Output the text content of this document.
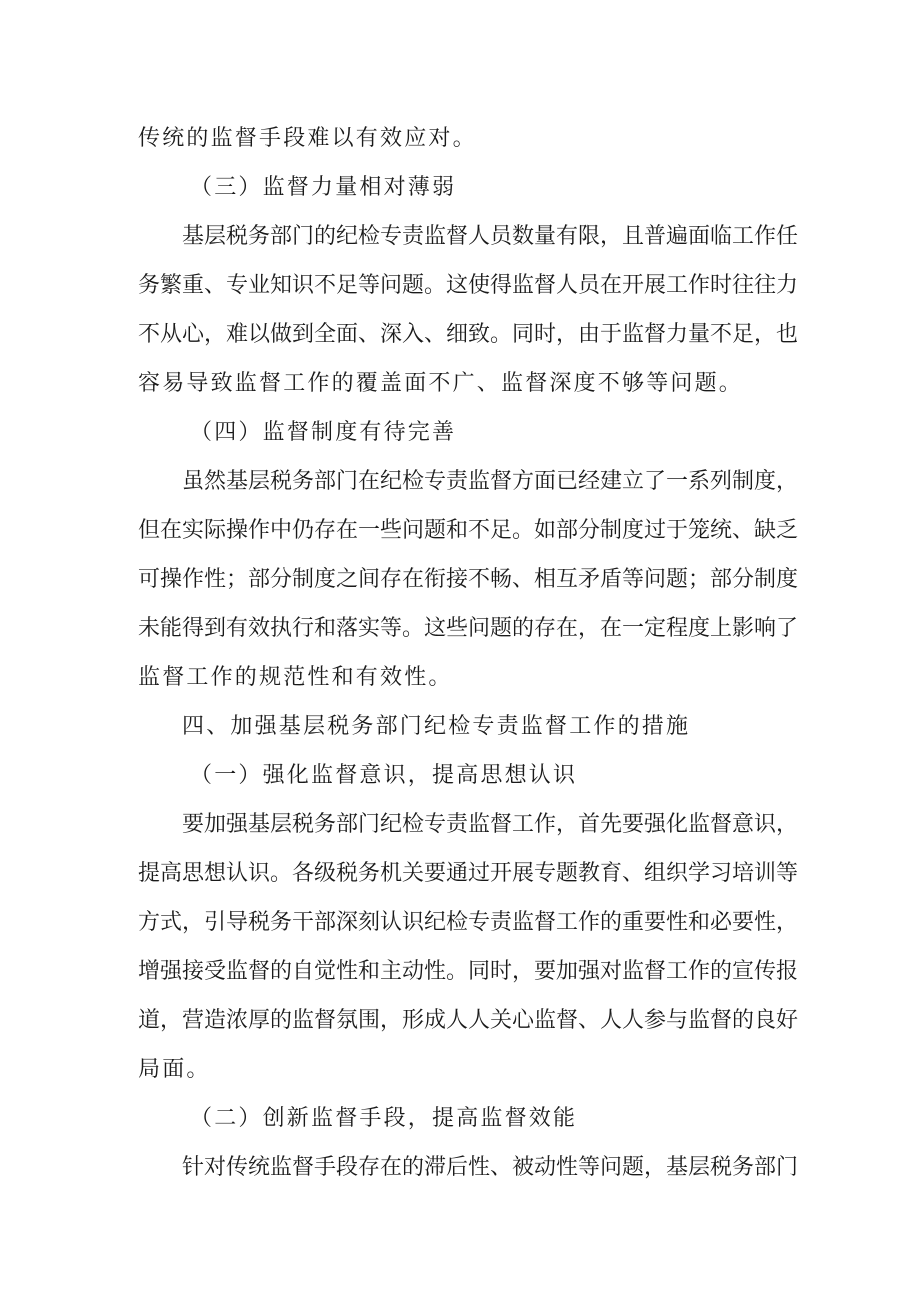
传统的监督手段难以有效应对。
（三）监督力量相对薄弱
基层税务部门的纪检专责监督人员数量有限，且普遍面临工作任
务繁重、专业知识不足等问题。这使得监督人员在开展工作时往往力
不从心，难以做到全面、深入、细致。同时，由于监督力量不足，也
容易导致监督工作的覆盖面不广、监督深度不够等问题。
（四）监督制度有待完善
虽然基层税务部门在纪检专责监督方面已经建立了一系列制度，
但在实际操作中仍存在一些问题和不足。如部分制度过于笼统、缺乏
可操作性；部分制度之间存在衔接不畅、相互矛盾等问题；部分制度
未能得到有效执行和落实等。这些问题的存在，在一定程度上影响了
监督工作的规范性和有效性。
四、加强基层税务部门纪检专责监督工作的措施
（一）强化监督意识，提高思想认识
要加强基层税务部门纪检专责监督工作，首先要强化监督意识，
提高思想认识。各级税务机关要通过开展专题教育、组织学习培训等
方式，引导税务干部深刻认识纪检专责监督工作的重要性和必要性，
增强接受监督的自觉性和主动性。同时，要加强对监督工作的宣传报
道，营造浓厚的监督氛围，形成人人关心监督、人人参与监督的良好
局面。
（二）创新监督手段，提高监督效能
针对传统监督手段存在的滞后性、被动性等问题，基层税务部门
